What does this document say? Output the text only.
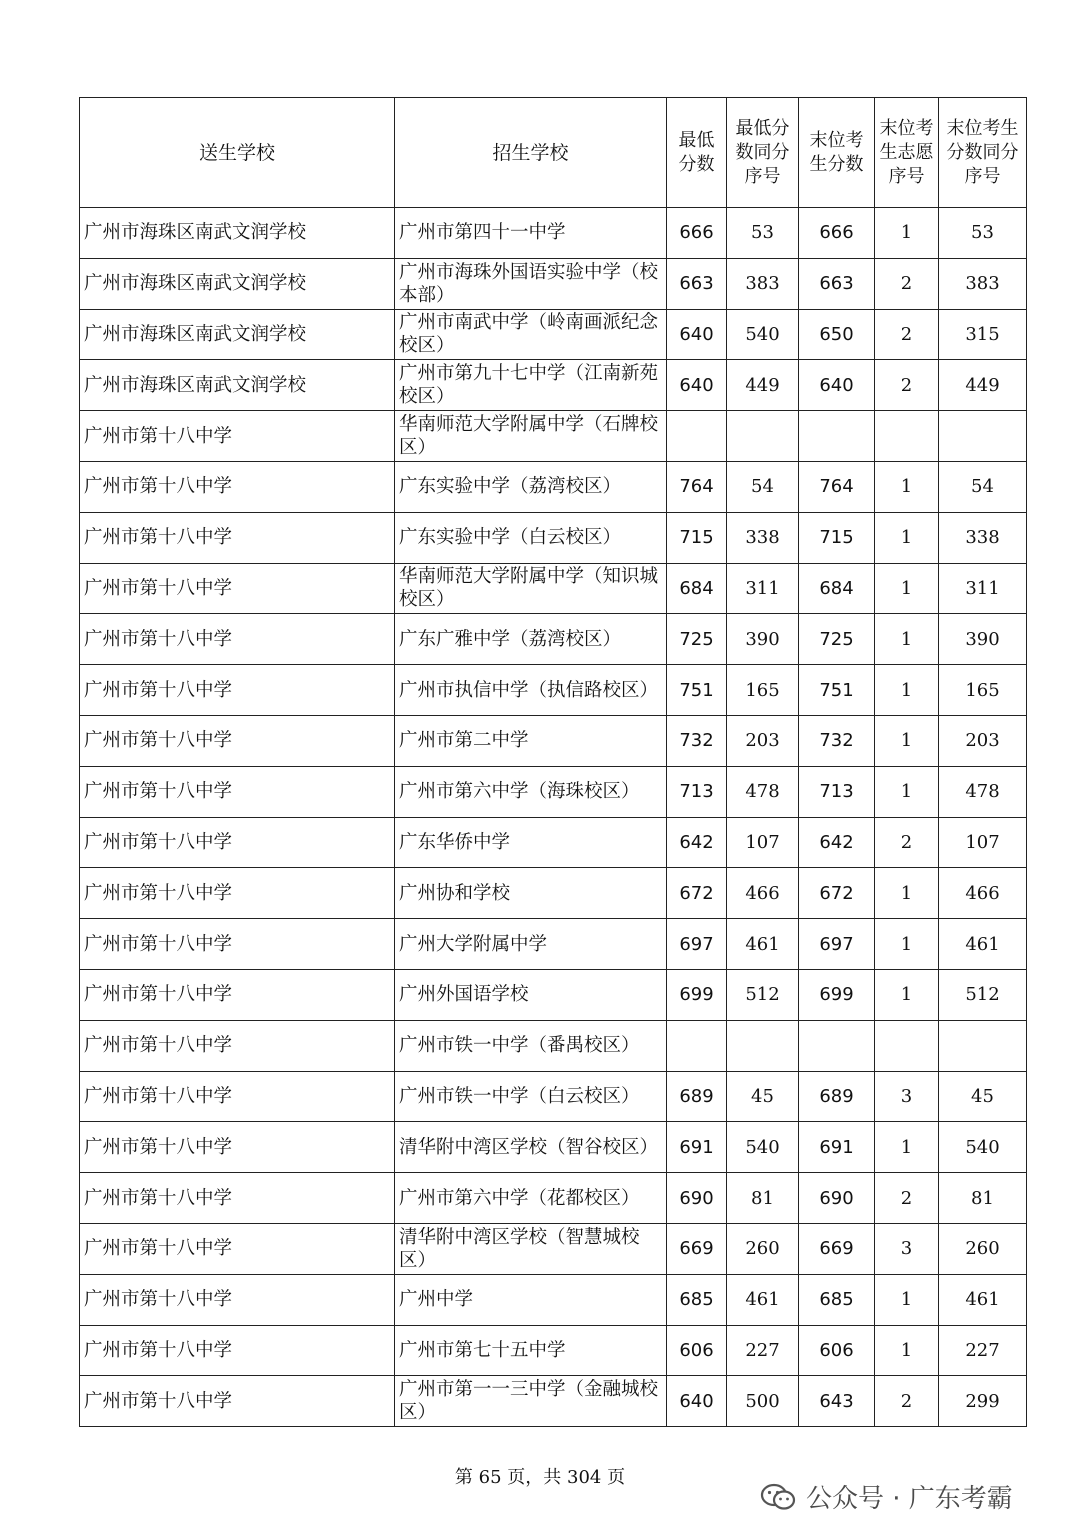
送生学校	招生学校	最低分数	最低分数同分序号	末位考生分数	末位考生志愿序号	末位考生分数同分序号
广州市海珠区南武文润学校	广州市第四十一中学	666	53	666	1	53
广州市海珠区南武文润学校	广州市海珠外国语实验中学（校本部）	663	383	663	2	383
广州市海珠区南武文润学校	广州市南武中学（岭南画派纪念校区）	640	540	650	2	315
广州市海珠区南武文润学校	广州市第九十七中学（江南新苑校区）	640	449	640	2	449
广州市第十八中学	华南师范大学附属中学（石牌校区）					
广州市第十八中学	广东实验中学（荔湾校区）	764	54	764	1	54
广州市第十八中学	广东实验中学（白云校区）	715	338	715	1	338
广州市第十八中学	华南师范大学附属中学（知识城校区）	684	311	684	1	311
广州市第十八中学	广东广雅中学（荔湾校区）	725	390	725	1	390
广州市第十八中学	广州市执信中学（执信路校区）	751	165	751	1	165
广州市第十八中学	广州市第二中学	732	203	732	1	203
广州市第十八中学	广州市第六中学（海珠校区）	713	478	713	1	478
广州市第十八中学	广东华侨中学	642	107	642	2	107
广州市第十八中学	广州协和学校	672	466	672	1	466
广州市第十八中学	广州大学附属中学	697	461	697	1	461
广州市第十八中学	广州外国语学校	699	512	699	1	512
广州市第十八中学	广州市铁一中学（番禺校区）					
广州市第十八中学	广州市铁一中学（白云校区）	689	45	689	3	45
广州市第十八中学	清华附中湾区学校（智谷校区）	691	540	691	1	540
广州市第十八中学	广州市第六中学（花都校区）	690	81	690	2	81
广州市第十八中学	清华附中湾区学校（智慧城校区）	669	260	669	3	260
广州市第十八中学	广州中学	685	461	685	1	461
广州市第十八中学	广州市第七十五中学	606	227	606	1	227
广州市第十八中学	广州市第一一三中学（金融城校区）	640	500	643	2	299
第 65 页，共 304 页
公众号 · 广东考霸
